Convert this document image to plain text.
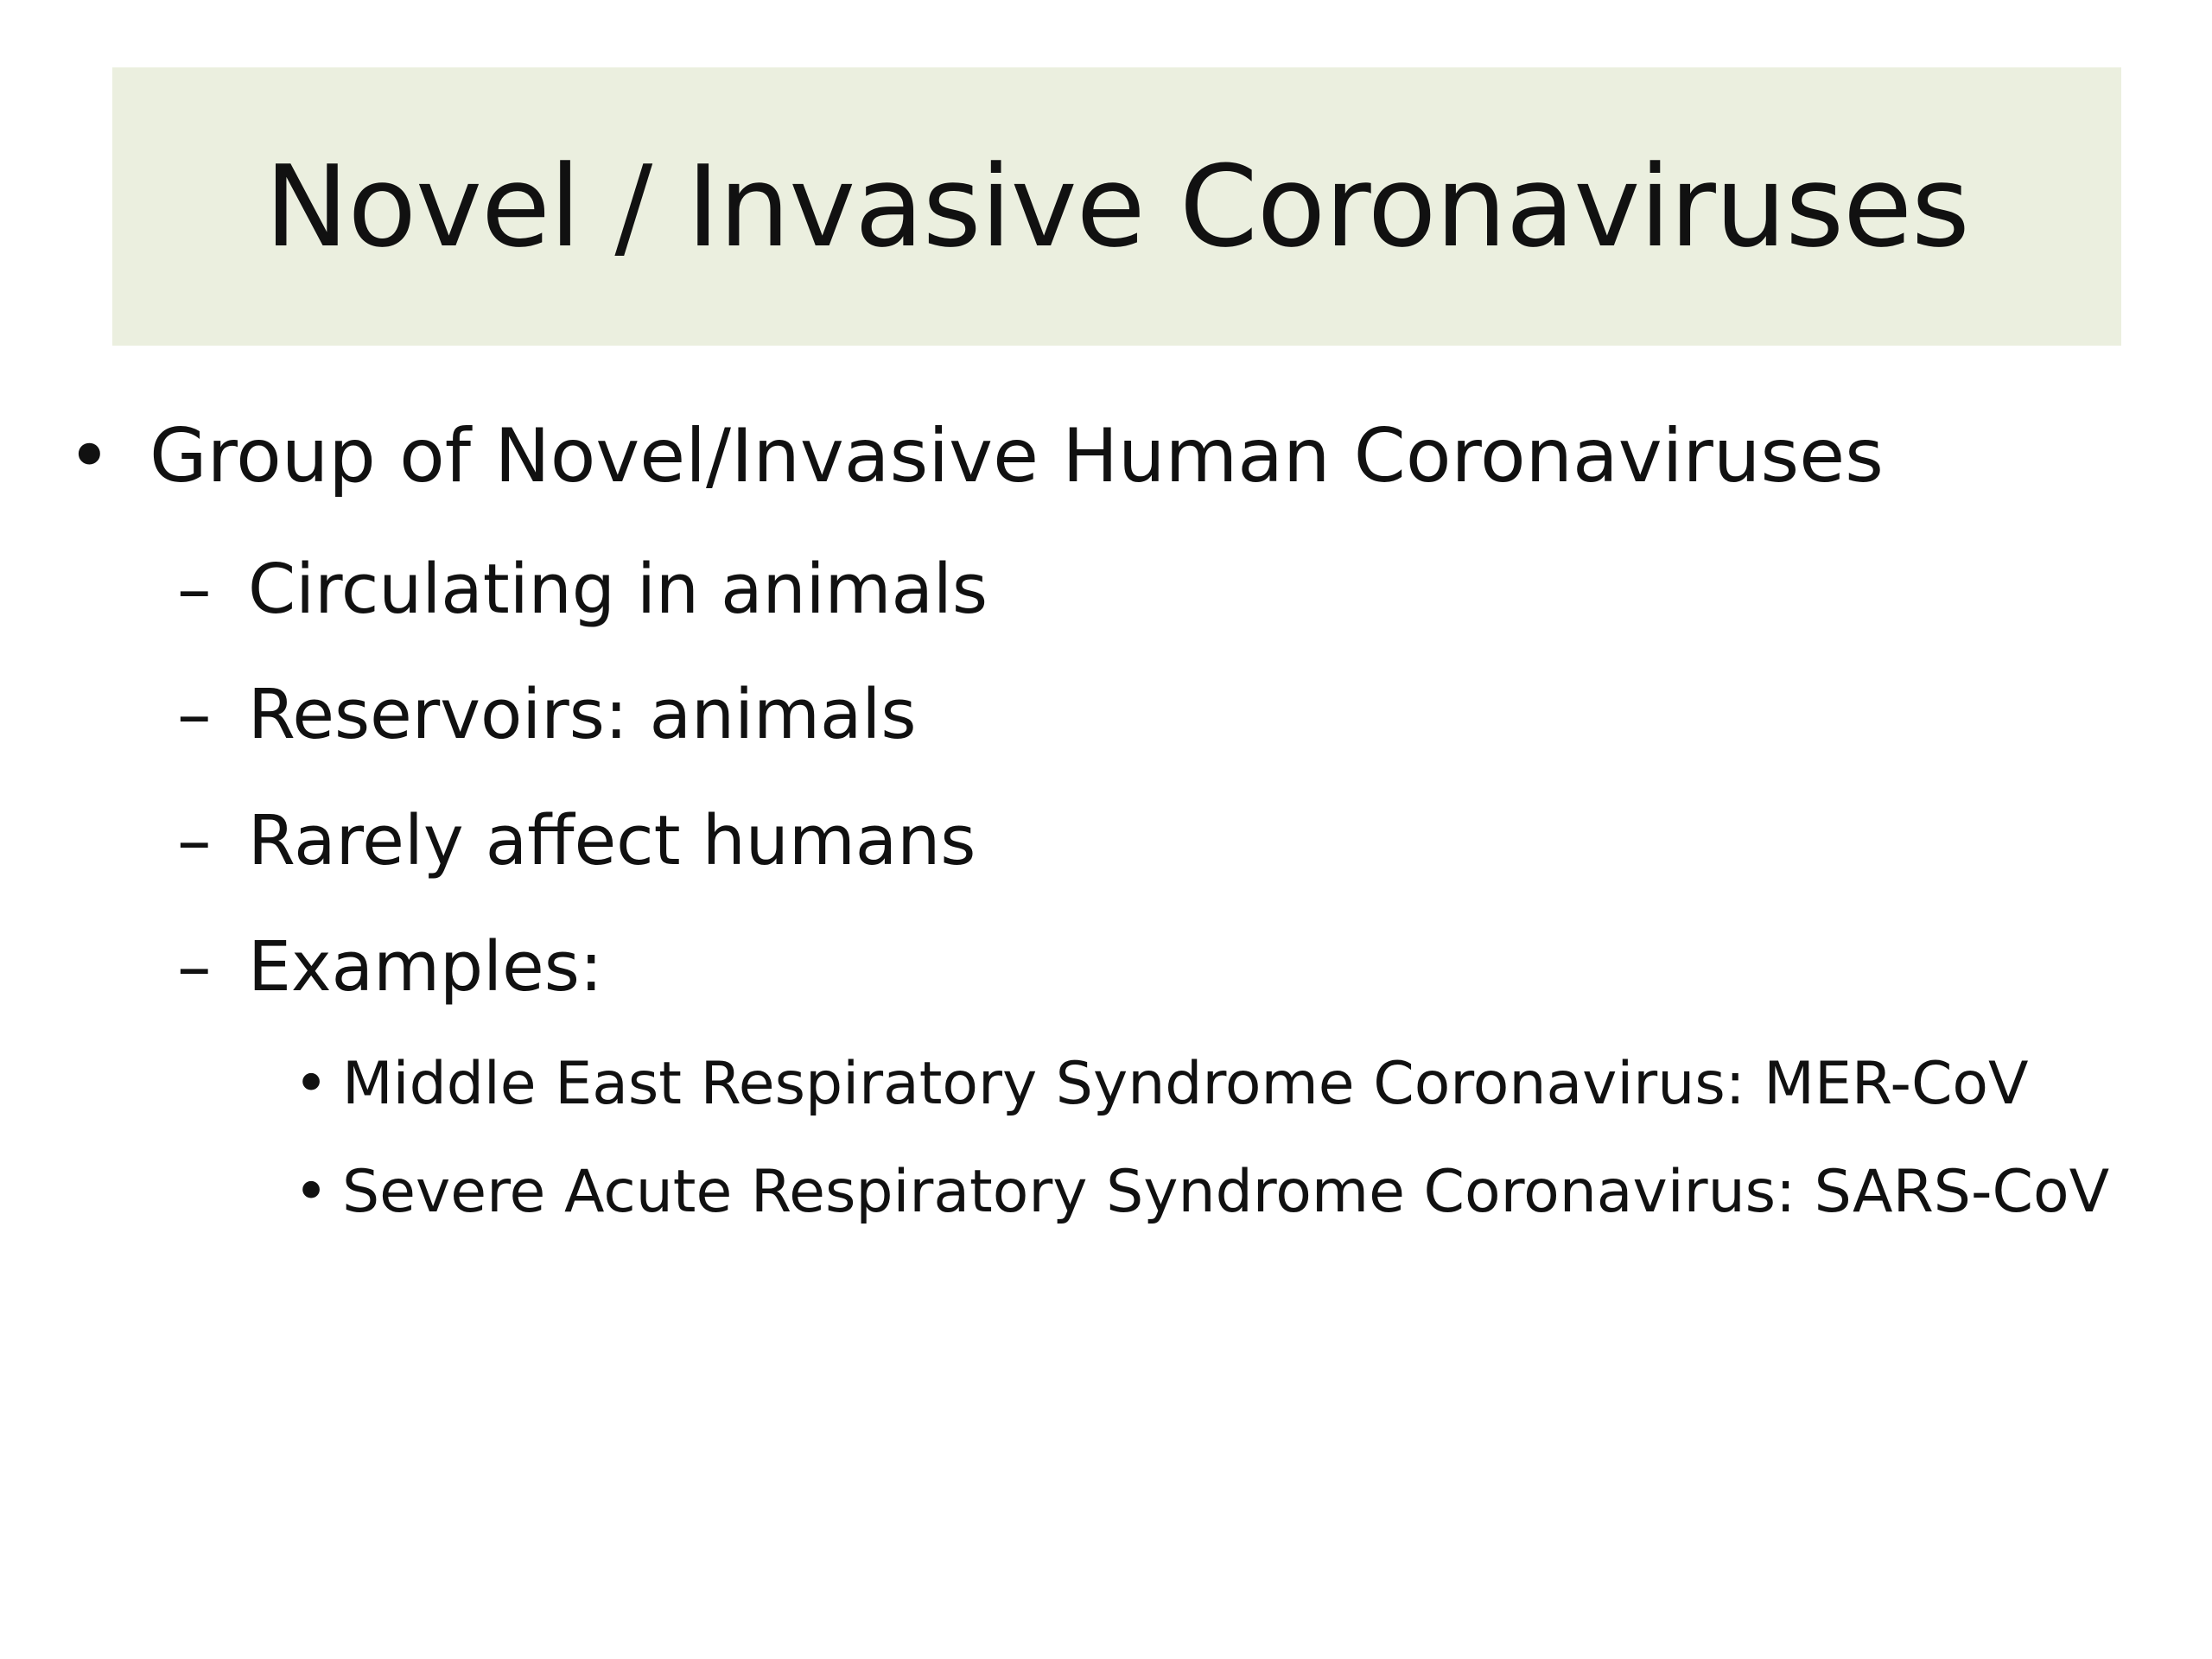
Novel / Invasive Coronaviruses
• Group of Novel/Invasive Human Coronaviruses
– Circulating in animals
– Reservoirs: animals
– Rarely affect humans
– Examples:
• Middle East Respiratory Syndrome Coronavirus: MER-CoV
• Severe Acute Respiratory Syndrome Coronavirus: SARS-CoV
